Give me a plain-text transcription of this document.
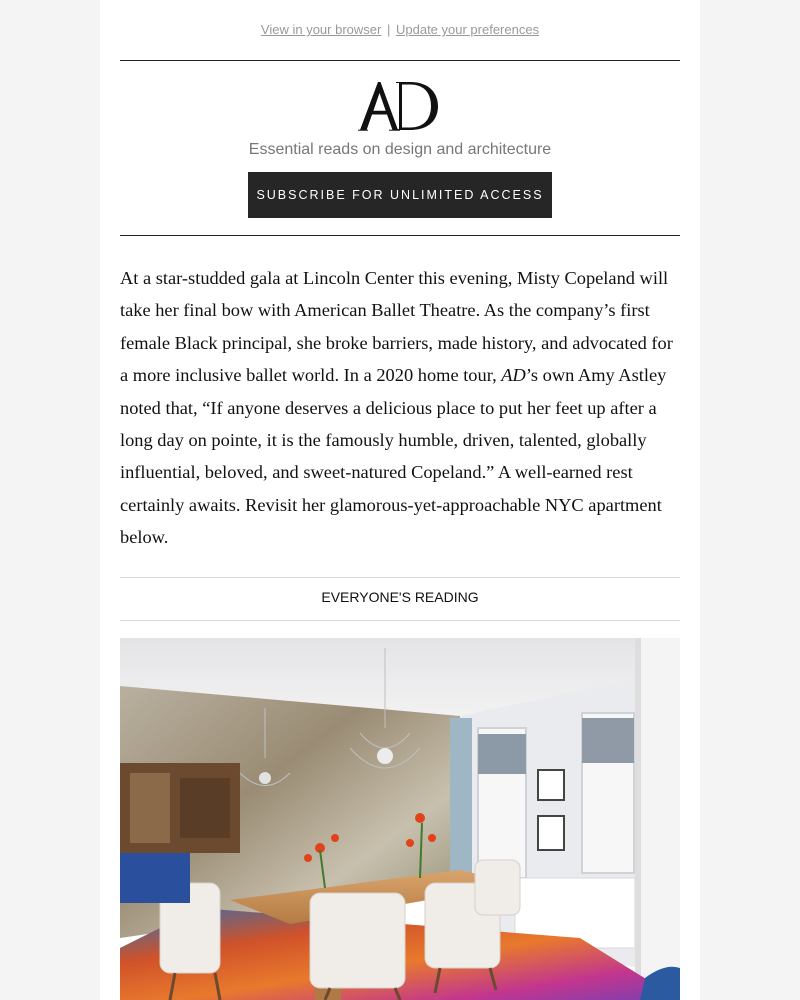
View in your browser | Update your preferences
Essential reads on design and architecture
SUBSCRIBE FOR UNLIMITED ACCESS

At a star-studded gala at Lincoln Center this evening, Misty Copeland will take her final bow with American Ballet Theatre. As the company’s first female Black principal, she broke barriers, made history, and advocated for a more inclusive ballet world. In a 2020 home tour, AD’s own Amy Astley noted that, “If anyone deserves a delicious place to put her feet up after a long day on pointe, it is the famously humble, driven, talented, globally influential, beloved, and sweet-natured Copeland.” A well-earned rest certainly awaits. Revisit her glamorous-yet-approachable NYC apartment below.

EVERYONE'S READING
